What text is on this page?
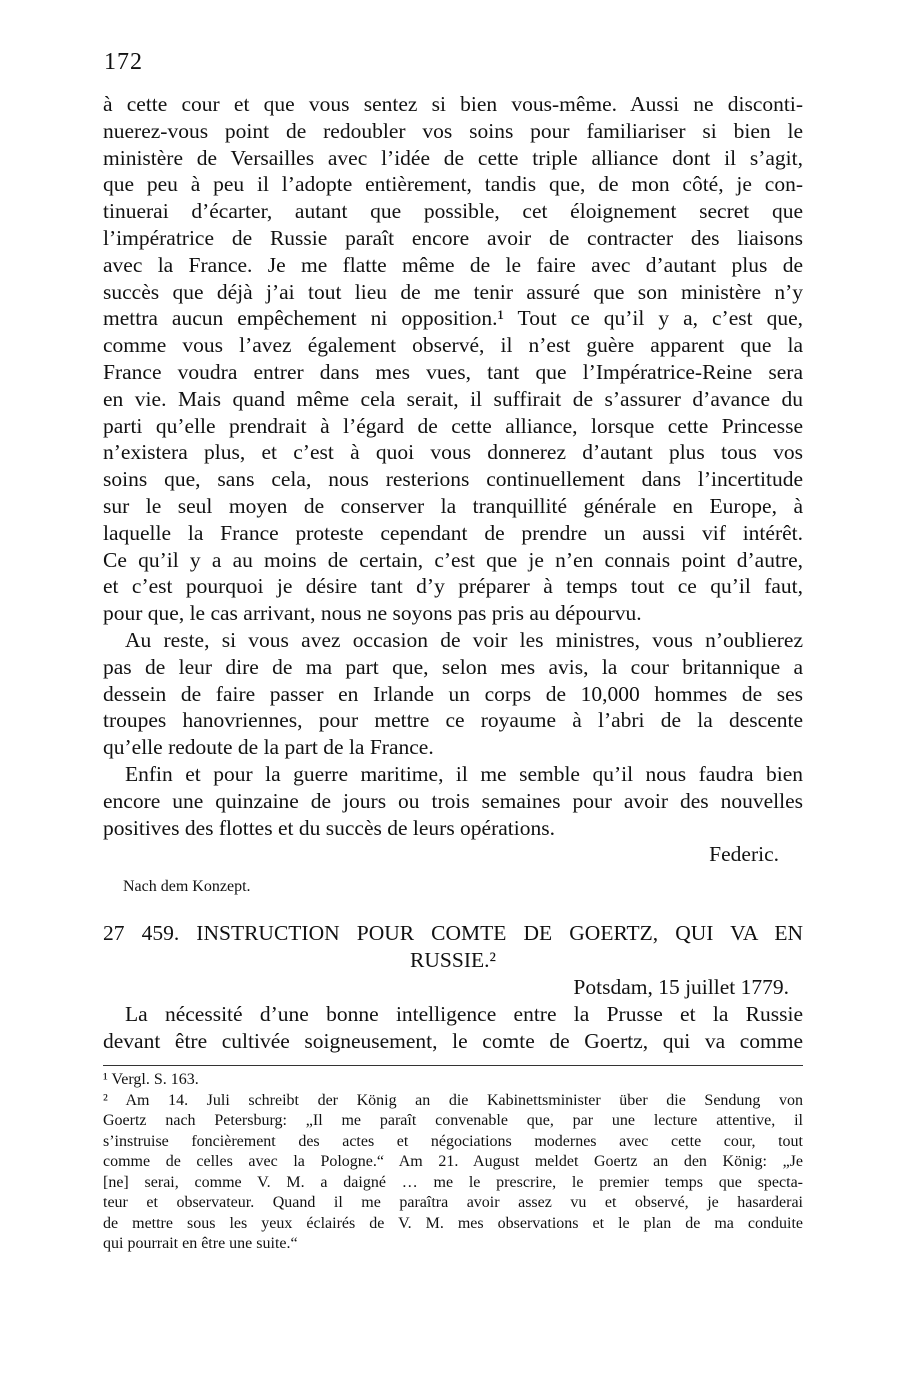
172
à cette cour et que vous sentez si bien vous-même. Aussi ne disconti-
nuerez-vous point de redoubler vos soins pour familiariser si bien le
ministère de Versailles avec l’idée de cette triple alliance dont il s’agit,
que peu à peu il l’adopte entièrement, tandis que, de mon côté, je con-
tinuerai d’écarter, autant que possible, cet éloignement secret que
l’impératrice de Russie paraît encore avoir de contracter des liaisons
avec la France. Je me flatte même de le faire avec d’autant plus de
succès que déjà j’ai tout lieu de me tenir assuré que son ministère n’y
mettra aucun empêchement ni opposition.¹ Tout ce qu’il y a, c’est que,
comme vous l’avez également observé, il n’est guère apparent que la
France voudra entrer dans mes vues, tant que l’Impératrice-Reine sera
en vie. Mais quand même cela serait, il suffirait de s’assurer d’avance du
parti qu’elle prendrait à l’égard de cette alliance, lorsque cette Princesse
n’existera plus, et c’est à quoi vous donnerez d’autant plus tous vos
soins que, sans cela, nous resterions continuellement dans l’incertitude
sur le seul moyen de conserver la tranquillité générale en Europe, à
laquelle la France proteste cependant de prendre un aussi vif intérêt.
Ce qu’il y a au moins de certain, c’est que je n’en connais point d’autre,
et c’est pourquoi je désire tant d’y préparer à temps tout ce qu’il faut,
pour que, le cas arrivant, nous ne soyons pas pris au dépourvu.
Au reste, si vous avez occasion de voir les ministres, vous n’oublierez
pas de leur dire de ma part que, selon mes avis, la cour britannique a
dessein de faire passer en Irlande un corps de 10,000 hommes de ses
troupes hanovriennes, pour mettre ce royaume à l’abri de la descente
qu’elle redoute de la part de la France.
Enfin et pour la guerre maritime, il me semble qu’il nous faudra bien
encore une quinzaine de jours ou trois semaines pour avoir des nouvelles
positives des flottes et du succès de leurs opérations.
Federic.
Nach dem Konzept.
27 459. INSTRUCTION POUR COMTE DE GOERTZ, QUI VA EN
RUSSIE.²
Potsdam, 15 juillet 1779.
La nécessité d’une bonne intelligence entre la Prusse et la Russie
devant être cultivée soigneusement, le comte de Goertz, qui va comme
¹ Vergl. S. 163.
² Am 14. Juli schreibt der König an die Kabinettsminister über die Sendung von
Goertz nach Petersburg: „Il me paraît convenable que, par une lecture attentive, il
s’instruise foncièrement des actes et négociations modernes avec cette cour, tout
comme de celles avec la Pologne.“ Am 21. August meldet Goertz an den König: „Je
[ne] serai, comme V. M. a daigné … me le prescrire, le premier temps que specta-
teur et observateur. Quand il me paraîtra avoir assez vu et observé, je hasarderai
de mettre sous les yeux éclairés de V. M. mes observations et le plan de ma conduite
qui pourrait en être une suite.“
